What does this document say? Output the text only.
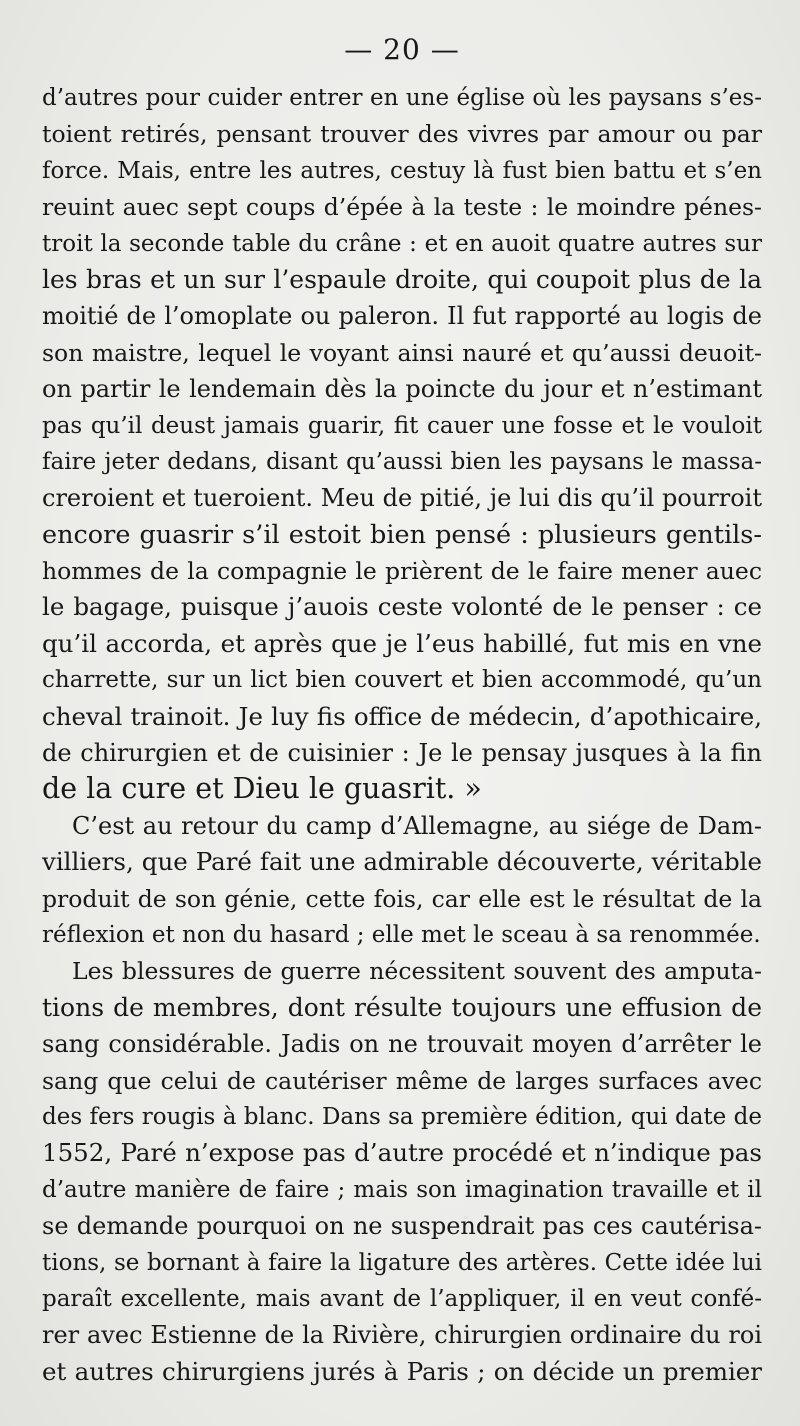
— 20 —
d’autres pour cuider entrer en une église où les paysans s’es-
toient retirés, pensant trouver des vivres par amour ou par
force. Mais, entre les autres, cestuy là fust bien battu et s’en
reuint auec sept coups d’épée à la teste : le moindre pénes-
troit la seconde table du crâne : et en auoit quatre autres sur
les bras et un sur l’espaule droite, qui coupoit plus de la
moitié de l’omoplate ou paleron. Il fut rapporté au logis de
son maistre, lequel le voyant ainsi nauré et qu’aussi deuoit-
on partir le lendemain dès la poincte du jour et n’estimant
pas qu’il deust jamais guarir, fit cauer une fosse et le vouloit
faire jeter dedans, disant qu’aussi bien les paysans le massa-
creroient et tueroient. Meu de pitié, je lui dis qu’il pourroit
encore guasrir s’il estoit bien pensé : plusieurs gentils-
hommes de la compagnie le prièrent de le faire mener auec
le bagage, puisque j’auois ceste volonté de le penser : ce
qu’il accorda, et après que je l’eus habillé, fut mis en vne
charrette, sur un lict bien couvert et bien accommodé, qu’un
cheval trainoit. Je luy fis office de médecin, d’apothicaire,
de chirurgien et de cuisinier : Je le pensay jusques à la fin
de la cure et Dieu le guasrit. »
C’est au retour du camp d’Allemagne, au siége de Dam-
villiers, que Paré fait une admirable découverte, véritable
produit de son génie, cette fois, car elle est le résultat de la
réflexion et non du hasard ; elle met le sceau à sa renommée.
Les blessures de guerre nécessitent souvent des amputa-
tions de membres, dont résulte toujours une effusion de
sang considérable. Jadis on ne trouvait moyen d’arrêter le
sang que celui de cautériser même de larges surfaces avec
des fers rougis à blanc. Dans sa première édition, qui date de
1552, Paré n’expose pas d’autre procédé et n’indique pas
d’autre manière de faire ; mais son imagination travaille et il
se demande pourquoi on ne suspendrait pas ces cautérisa-
tions, se bornant à faire la ligature des artères. Cette idée lui
paraît excellente, mais avant de l’appliquer, il en veut confé-
rer avec Estienne de la Rivière, chirurgien ordinaire du roi
et autres chirurgiens jurés à Paris ; on décide un premier
